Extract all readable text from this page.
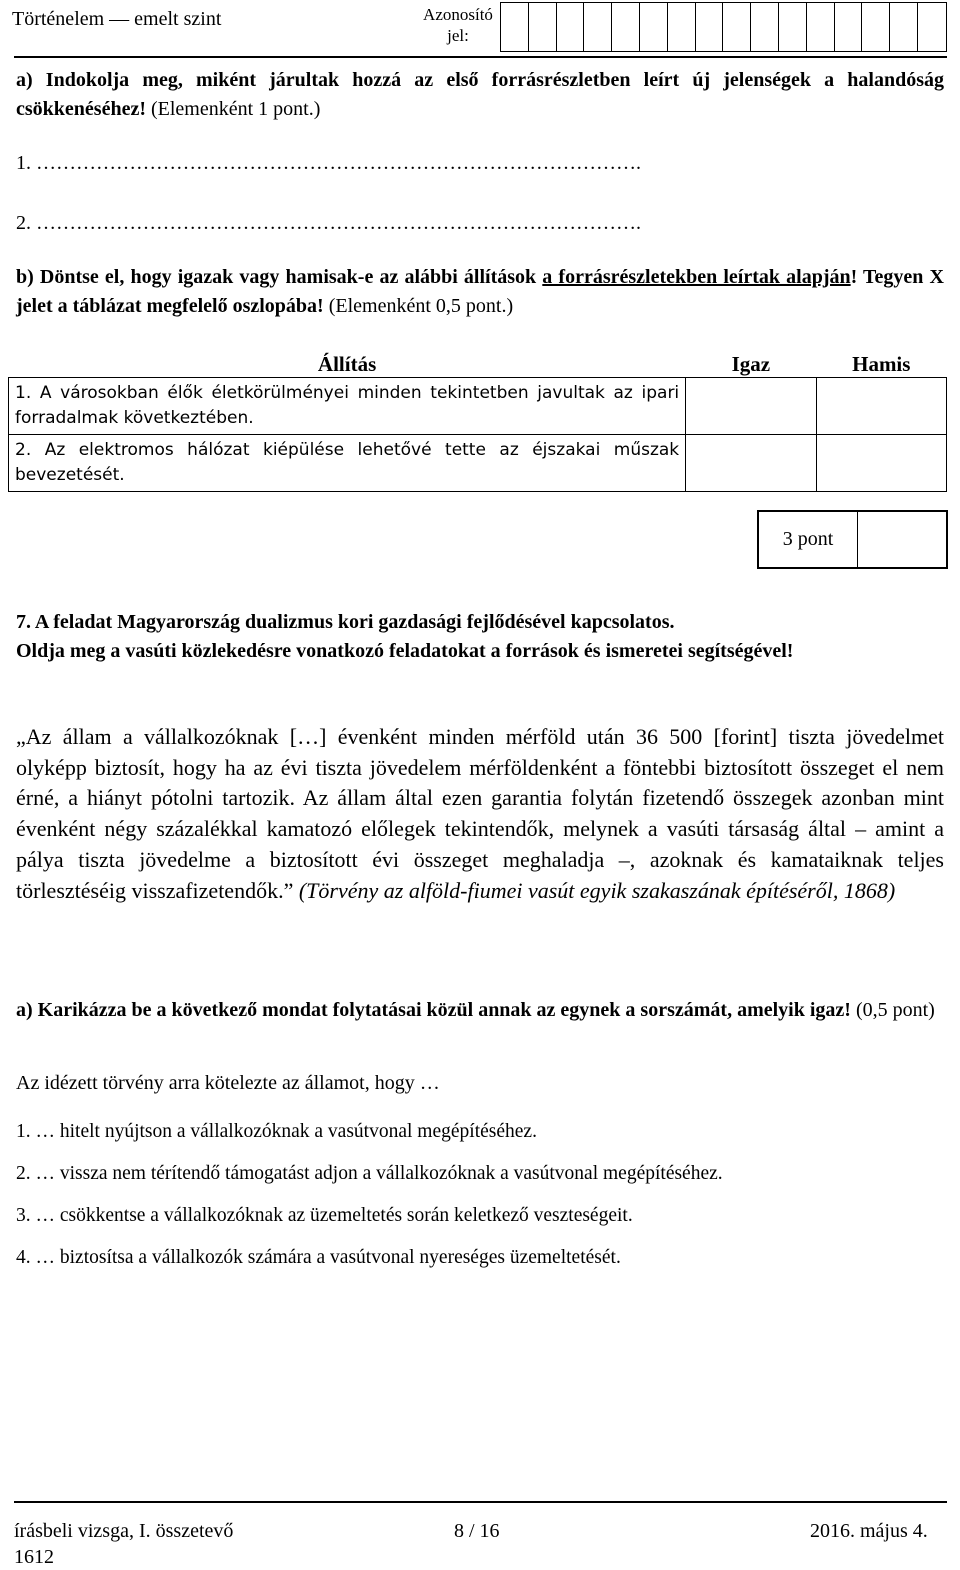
Történelem — emelt szint	Azonosító
jel:
a) Indokolja meg, miként járultak hozzá az első forrásrészletben leírt új jelenségek a halandóság csökkenéséhez! (Elemenként 1 pont.)
1. ……………………………………………………………………………….
2. ……………………………………………………………………………….
b) Döntse el, hogy igazak vagy hamisak-e az alábbi állítások a forrásrészletekben leírtak alapján! Tegyen X jelet a táblázat megfelelő oszlopába! (Elemenként 0,5 pont.)
Állítás	Igaz	Hamis
1. A városokban élők életkörülményei minden tekintetben javultak az ipari forradalmak következtében.		
2. Az elektromos hálózat kiépülése lehetővé tette az éjszakai műszak bevezetését.		
3 pont
7. A feladat Magyarország dualizmus kori gazdasági fejlődésével kapcsolatos.
Oldja meg a vasúti közlekedésre vonatkozó feladatokat a források és ismeretei segítségével!
„Az állam a vállalkozóknak […] évenként minden mérföld után 36 500 [forint] tiszta jövedelmet olyképp biztosít, hogy ha az évi tiszta jövedelem mérföldenként a föntebbi biztosított összeget el nem érné, a hiányt pótolni tartozik. Az állam által ezen garantia folytán fizetendő összegek azonban mint évenként négy százalékkal kamatozó előlegek tekintendők, melynek a vasúti társaság által – amint a pálya tiszta jövedelme a biztosított évi összeget meghaladja –, azoknak és kamataiknak teljes törlesztéséig visszafizetendők.” (Törvény az alföld-fiumei vasút egyik szakaszának építéséről, 1868)
a) Karikázza be a következő mondat folytatásai közül annak az egynek a sorszámát, amelyik igaz! (0,5 pont)
Az idézett törvény arra kötelezte az államot, hogy …
1. … hitelt nyújtson a vállalkozóknak a vasútvonal megépítéséhez.
2. … vissza nem térítendő támogatást adjon a vállalkozóknak a vasútvonal megépítéséhez.
3. … csökkentse a vállalkozóknak az üzemeltetés során keletkező veszteségeit.
4. … biztosítsa a vállalkozók számára a vasútvonal nyereséges üzemeltetését.
írásbeli vizsga, I. összetevő
1612
8 / 16	2016. május 4.
